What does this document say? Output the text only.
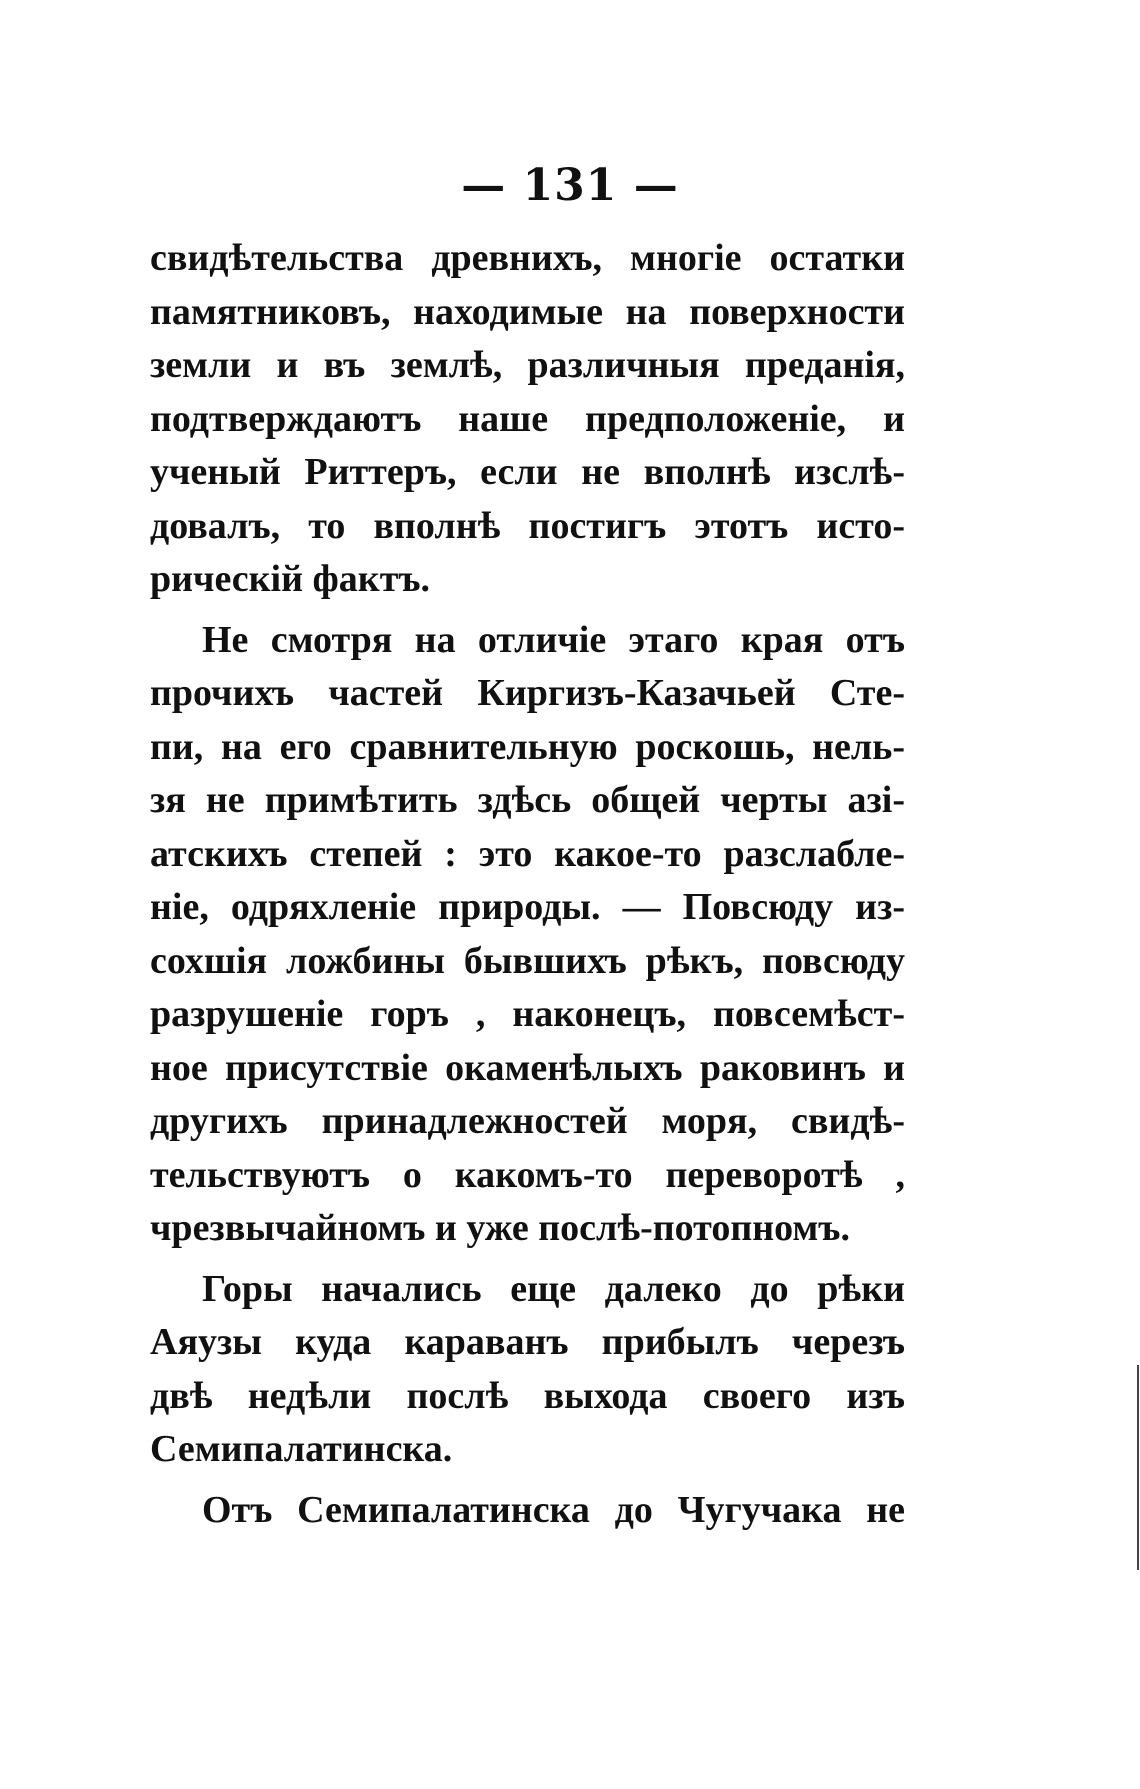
— 131 —

свидѣтельства древнихъ, многіе остатки
памятниковъ, находимые на поверхности
земли и въ землѣ, различныя преданія,
подтверждаютъ наше предположеніе, и
ученый Риттеръ, если не вполнѣ изслѣ-
довалъ, то вполнѣ постигъ этотъ исто-
рическій фактъ.

Не смотря на отличіе этаго края отъ
прочихъ частей Киргизъ-Казачьей Сте-
пи, на его сравнительную роскошь, нель-
зя не примѣтить здѣсь общей черты азі-
атскихъ степей : это какое-то разслабле-
ніе, одряхленіе природы. — Повсюду из-
сохшія ложбины бывшихъ рѣкъ, повсюду
разрушеніе горъ , наконецъ, повсемѣст-
ное присутствіе окаменѣлыхъ раковинъ и
другихъ принадлежностей моря, свидѣ-
тельствуютъ о какомъ-то переворотѣ ,
чрезвычайномъ и уже послѣ-потопномъ.

Горы начались еще далеко до рѣки
Аяузы куда караванъ прибылъ черезъ
двѣ недѣли послѣ выхода своего изъ
Семипалатинска.

Отъ Семипалатинска до Чугучака не
